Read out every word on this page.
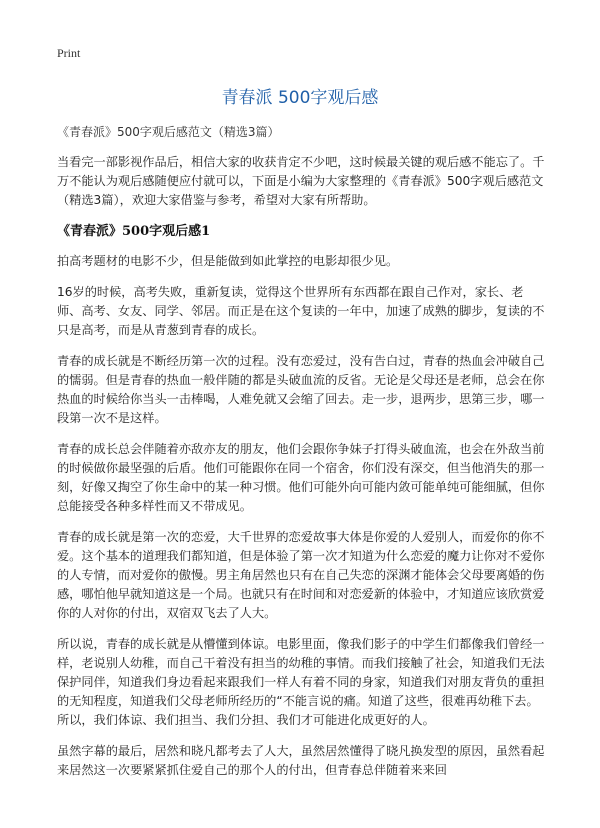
Print
青春派 500字观后感

《青春派》500字观后感范文（精选3篇）

当看完一部影视作品后，相信大家的收获肯定不少吧，这时候最关键的观后感不能忘了。千万不能认为观后感随便应付就可以，下面是小编为大家整理的《青春派》500字观后感范文（精选3篇），欢迎大家借鉴与参考，希望对大家有所帮助。

《青春派》500字观后感1

拍高考题材的电影不少，但是能做到如此掌控的电影却很少见。

16岁的时候，高考失败，重新复读，觉得这个世界所有东西都在跟自己作对，家长、老师、高考、女友、同学、邻居。而正是在这个复读的一年中，加速了成熟的脚步，复读的不只是高考，而是从青葱到青春的成长。

青春的成长就是不断经历第一次的过程。没有恋爱过，没有告白过，青春的热血会冲破自己的懦弱。但是青春的热血一般伴随的都是头破血流的反省。无论是父母还是老师，总会在你热血的时候给你当头一击棒喝，人难免就又会缩了回去。走一步，退两步，思第三步，哪一段第一次不是这样。

青春的成长总会伴随着亦敌亦友的朋友，他们会跟你争妹子打得头破血流，也会在外敌当前的时候做你最坚强的后盾。他们可能跟你在同一个宿舍，你们没有深交，但当他消失的那一刻，好像又掏空了你生命中的某一种习惯。他们可能外向可能内敛可能单纯可能细腻，但你总能接受各种多样性而又不带成见。

青春的成长就是第一次的恋爱，大千世界的恋爱故事大体是你爱的人爱别人，而爱你的你不爱。这个基本的道理我们都知道，但是体验了第一次才知道为什么恋爱的魔力让你对不爱你的人专情，而对爱你的傲慢。男主角居然也只有在自己失恋的深渊才能体会父母要离婚的伤感，哪怕他早就知道这是一个局。也就只有在时间和对恋爱新的体验中，才知道应该欣赏爱你的人对你的付出，双宿双飞去了人大。

所以说，青春的成长就是从懵懂到体谅。电影里面，像我们影子的中学生们都像我们曾经一样，老说别人幼稚，而自己干着没有担当的幼稚的事情。而我们接触了社会，知道我们无法保护同伴，知道我们身边看起来跟我们一样人有着不同的身家，知道我们对朋友背负的重担的无知程度，知道我们父母老师所经历的“不能言说的痛。知道了这些，很难再幼稚下去。所以，我们体谅、我们担当、我们分担、我们才可能进化成更好的人。

虽然字幕的最后，居然和晓凡都考去了人大，虽然居然懂得了晓凡换发型的原因，虽然看起来居然这一次要紧紧抓住爱自己的那个人的付出，但青春总伴随着来来回
